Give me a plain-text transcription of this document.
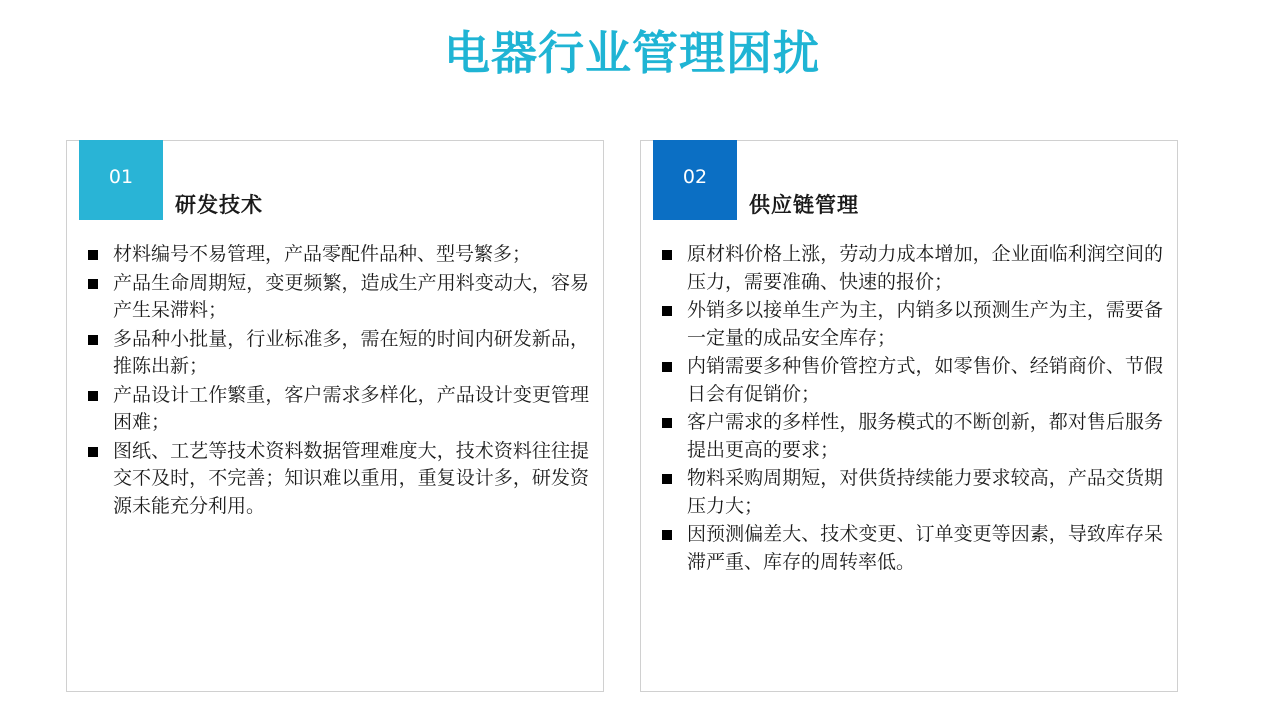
电器行业管理困扰
01
研发技术
材料编号不易管理，产品零配件品种、型号繁多；
产品生命周期短，变更频繁，造成生产用料变动大，容易产生呆滞料；
多品种小批量，行业标准多，需在短的时间内研发新品，推陈出新；
产品设计工作繁重，客户需求多样化，产品设计变更管理困难；
图纸、工艺等技术资料数据管理难度大，技术资料往往提交不及时，不完善；知识难以重用，重复设计多，研发资源未能充分利用。
02
供应链管理
原材料价格上涨，劳动力成本增加，企业面临利润空间的压力，需要准确、快速的报价；
外销多以接单生产为主，内销多以预测生产为主，需要备一定量的成品安全库存；
内销需要多种售价管控方式，如零售价、经销商价、节假日会有促销价；
客户需求的多样性，服务模式的不断创新，都对售后服务提出更高的要求；
物料采购周期短，对供货持续能力要求较高，产品交货期压力大；
因预测偏差大、技术变更、订单变更等因素，导致库存呆滞严重、库存的周转率低。
